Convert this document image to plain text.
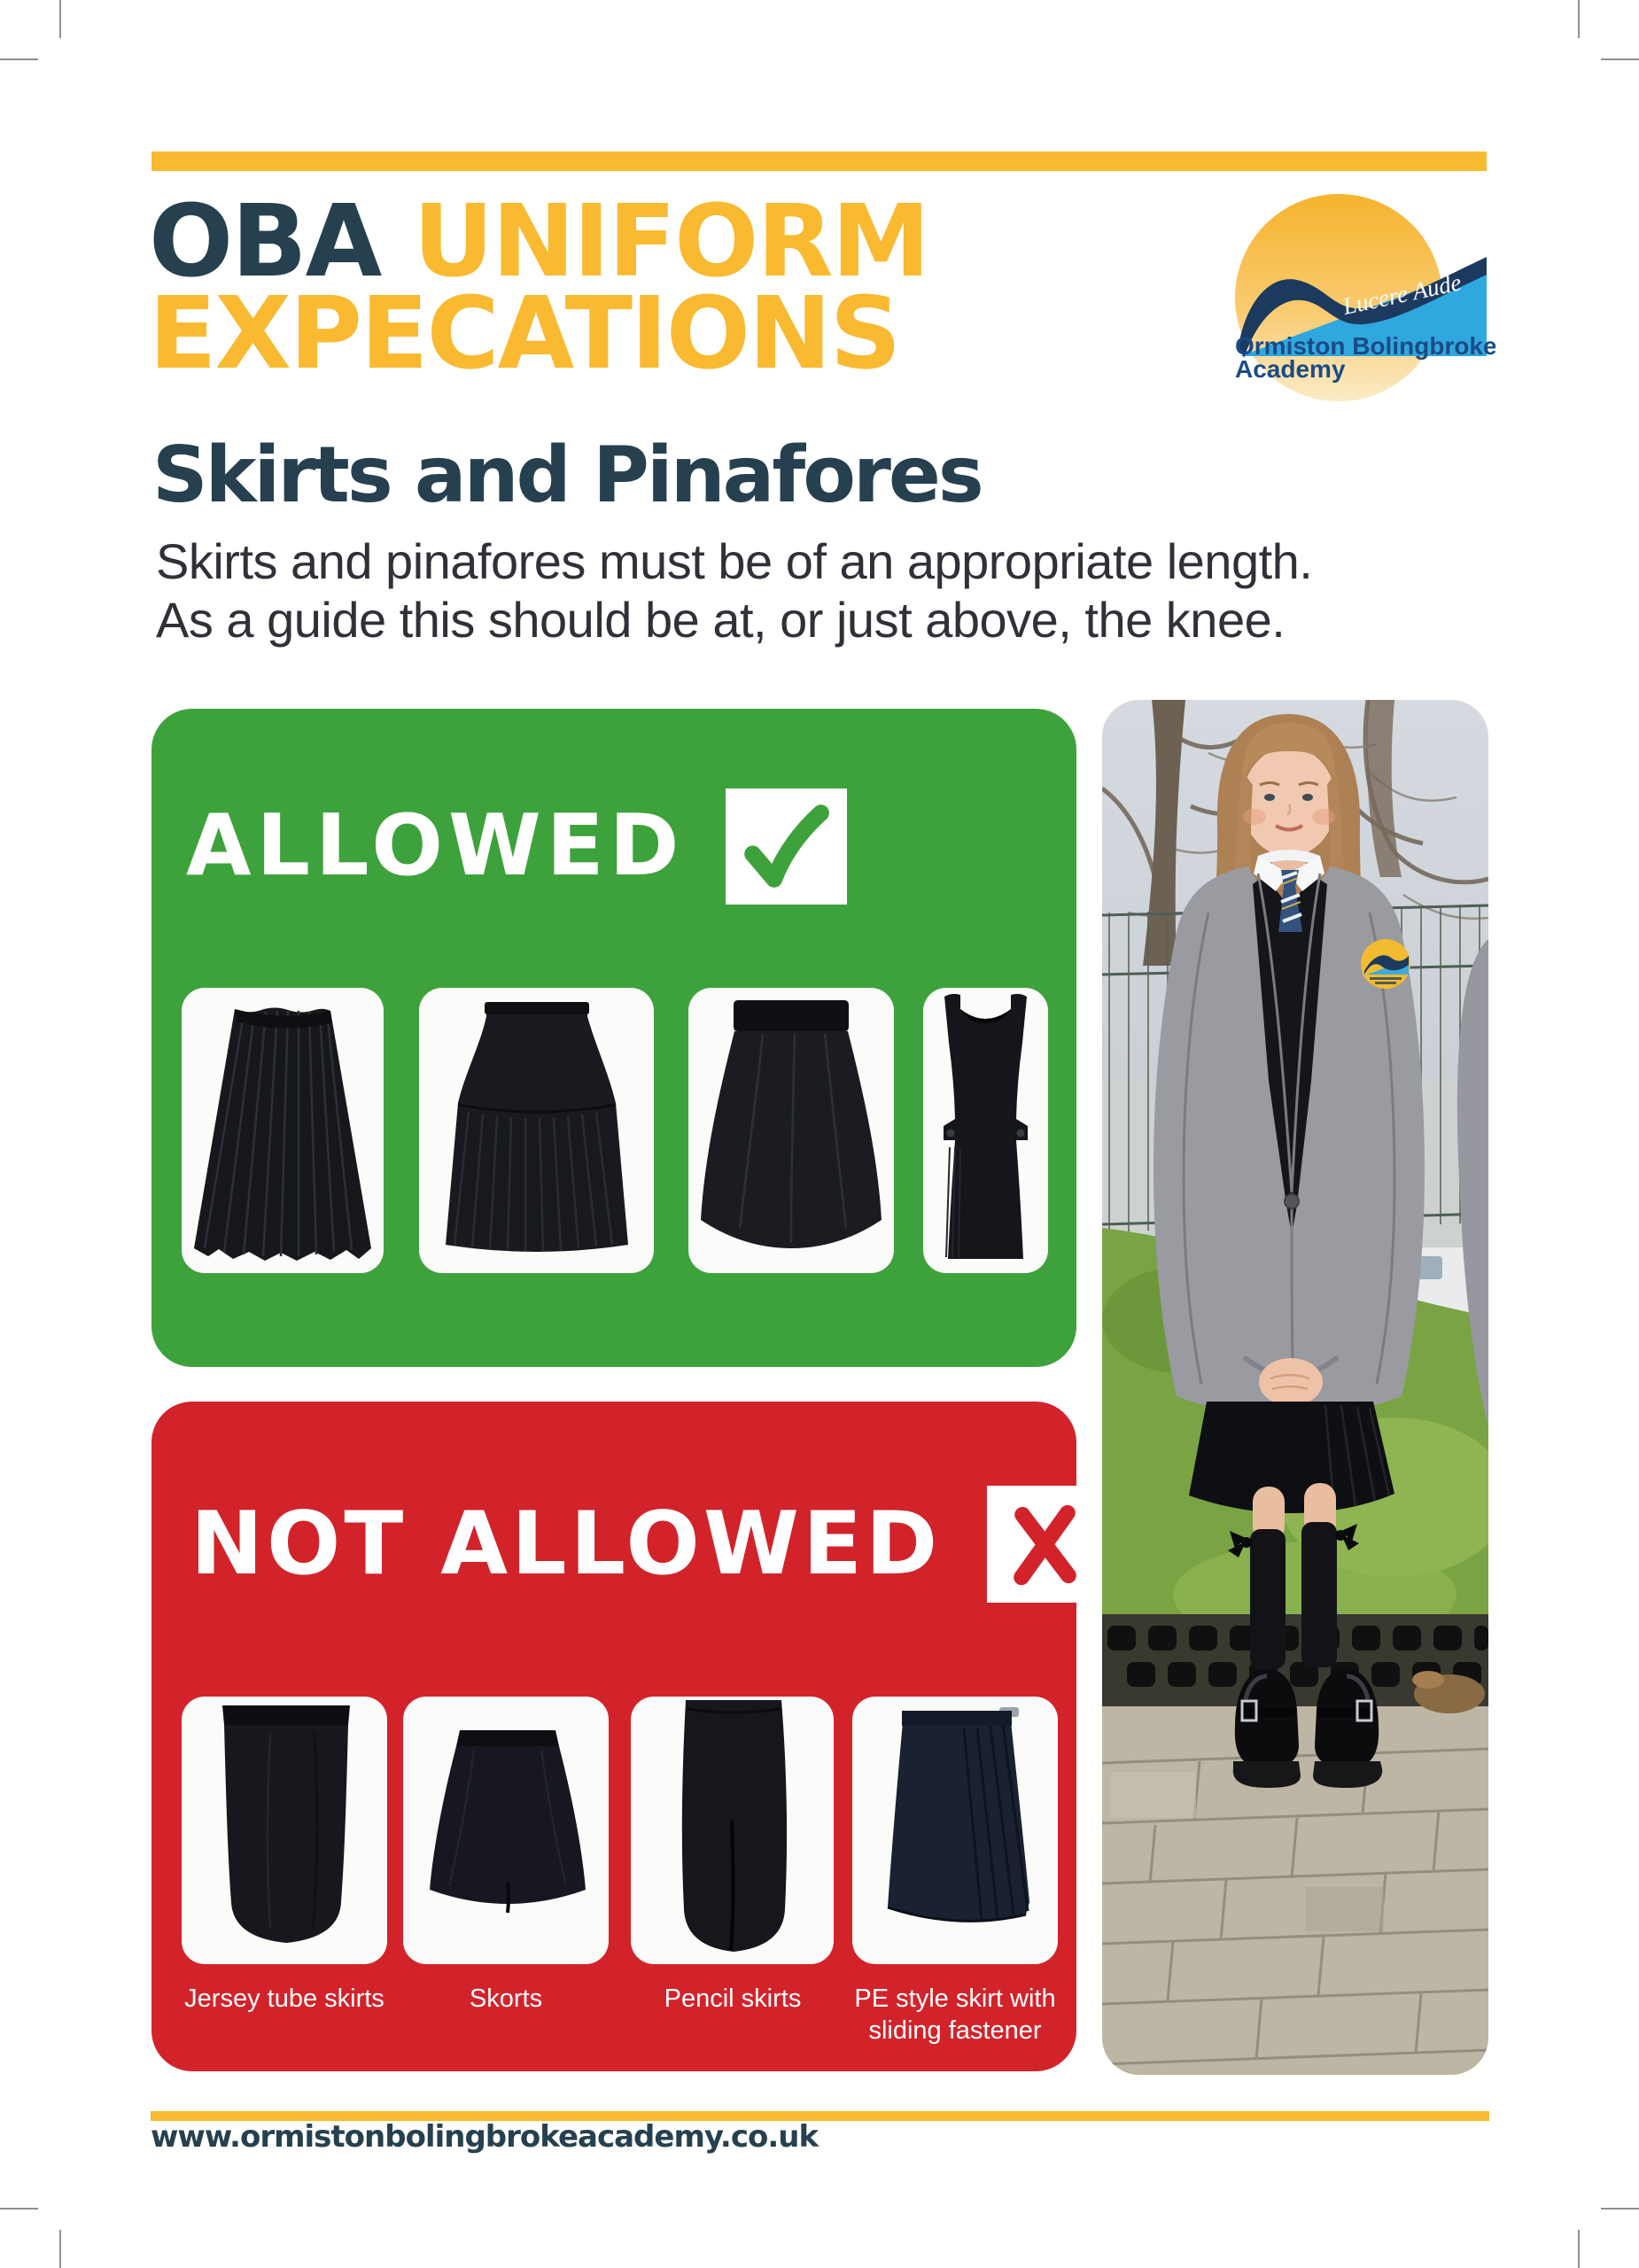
OBA UNIFORM
EXPECATIONS	Lucere Aude
Ormiston Bolingbroke
Academy
Skirts and Pinafores
Skirts and pinafores must be of an appropriate length.
As a guide this should be at, or just above, the knee.
ALLOWED
NOT ALLOWED
Jersey tube skirts	Skorts	Pencil skirts	PE style skirt with sliding fastener
www.ormistonbolingbrokeacademy.co.uk
